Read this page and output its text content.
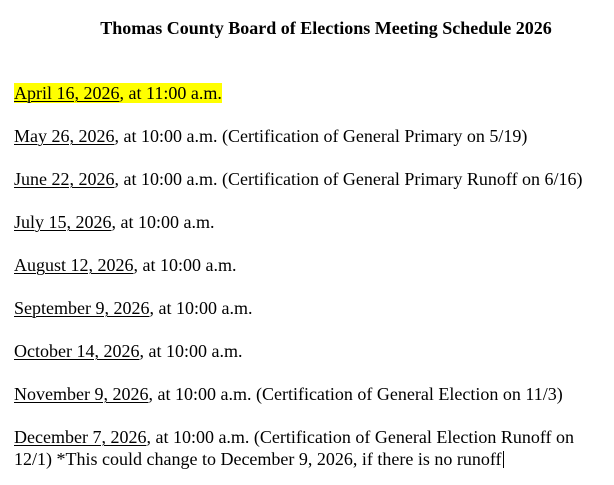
Thomas County Board of Elections Meeting Schedule 2026
April 16, 2026, at 11:00 a.m.
May 26, 2026, at 10:00 a.m. (Certification of General Primary on 5/19)
June 22, 2026, at 10:00 a.m. (Certification of General Primary Runoff on 6/16)
July 15, 2026, at 10:00 a.m.
August 12, 2026, at 10:00 a.m.
September 9, 2026, at 10:00 a.m.
October 14, 2026, at 10:00 a.m.
November 9, 2026, at 10:00 a.m. (Certification of General Election on 11/3)
December 7, 2026, at 10:00 a.m. (Certification of General Election Runoff on 12/1) *This could change to December 9, 2026, if there is no runoff
